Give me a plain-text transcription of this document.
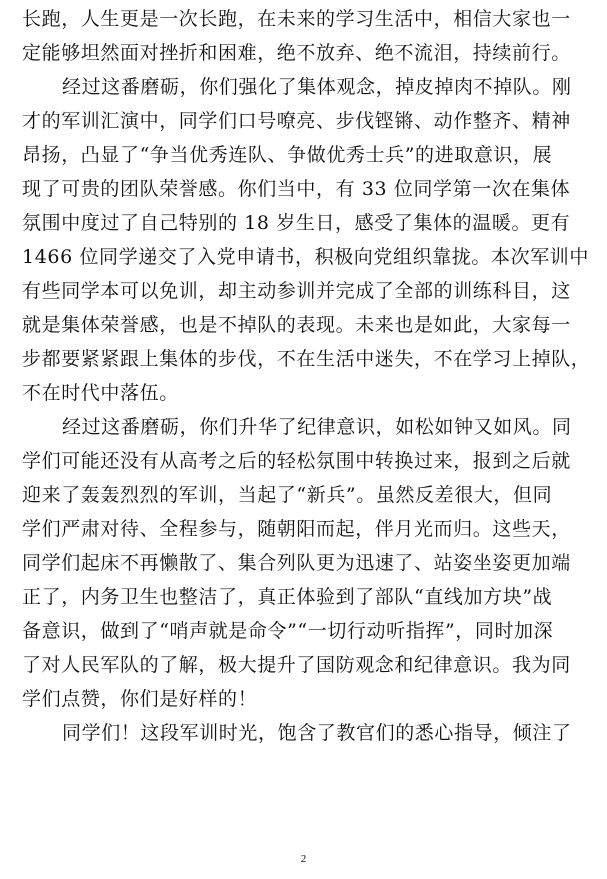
长跑，人生更是一次长跑，在未来的学习生活中，相信大家也一
定能够坦然面对挫折和困难，绝不放弃、绝不流泪，持续前行。
经过这番磨砺，你们强化了集体观念，掉皮掉肉不掉队。刚
才的军训汇演中，同学们口号嘹亮、步伐铿锵、动作整齐、精神
昂扬，凸显了“争当优秀连队、争做优秀士兵”的进取意识，展
现了可贵的团队荣誉感。你们当中，有 33 位同学第一次在集体
氛围中度过了自己特别的 18 岁生日，感受了集体的温暖。更有
1466 位同学递交了入党申请书，积极向党组织靠拢。本次军训中
有些同学本可以免训，却主动参训并完成了全部的训练科目，这
就是集体荣誉感，也是不掉队的表现。未来也是如此，大家每一
步都要紧紧跟上集体的步伐，不在生活中迷失，不在学习上掉队，
不在时代中落伍。
经过这番磨砺，你们升华了纪律意识，如松如钟又如风。同
学们可能还没有从高考之后的轻松氛围中转换过来，报到之后就
迎来了轰轰烈烈的军训，当起了“新兵”。虽然反差很大，但同
学们严肃对待、全程参与，随朝阳而起，伴月光而归。这些天，
同学们起床不再懒散了、集合列队更为迅速了、站姿坐姿更加端
正了，内务卫生也整洁了，真正体验到了部队“直线加方块”战
备意识，做到了“哨声就是命令”“一切行动听指挥”，同时加深
了对人民军队的了解，极大提升了国防观念和纪律意识。我为同
学们点赞，你们是好样的！
同学们！这段军训时光，饱含了教官们的悉心指导，倾注了
2
